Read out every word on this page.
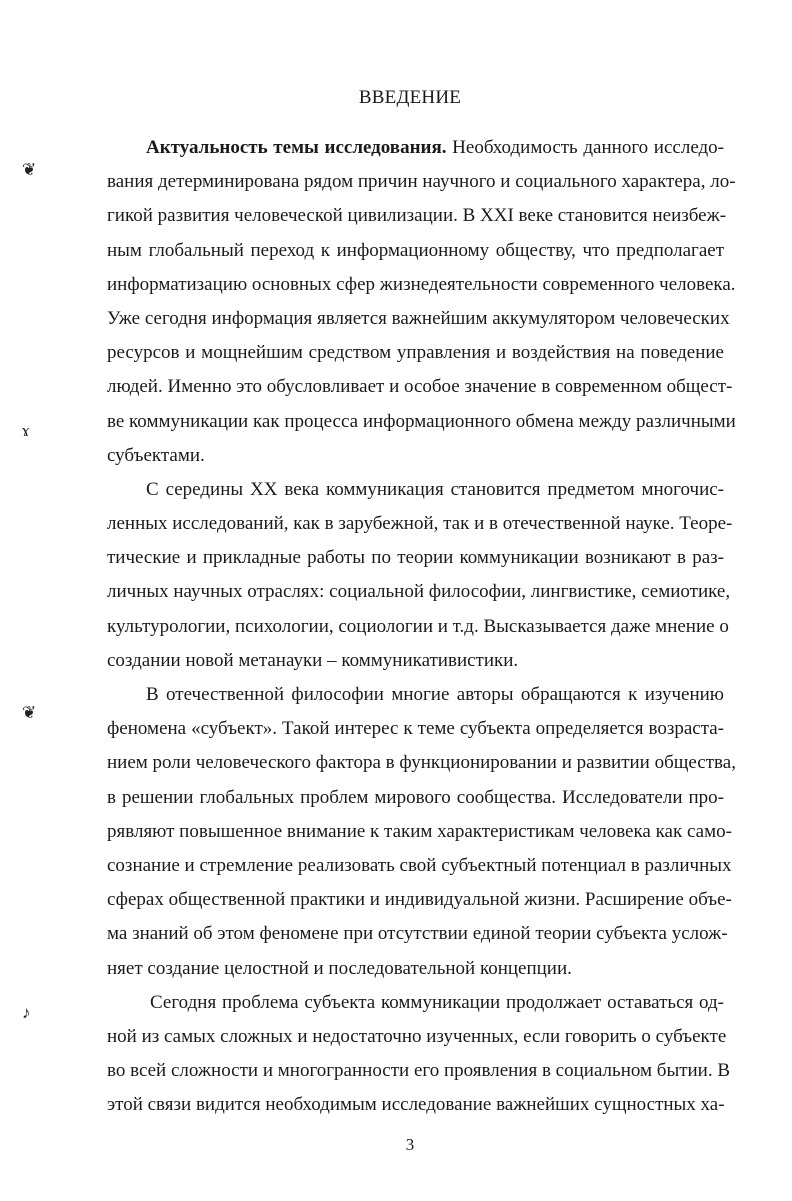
ВВЕДЕНИЕ
❦
ɤ
❦
♪
Актуальность темы исследования. Необходимость данного исследо-
вания детерминирована рядом причин научного и социального характера, ло-
гикой развития человеческой цивилизации. В XXI веке становится неизбеж-
ным глобальный переход к информационному обществу, что предполагает
информатизацию основных сфер жизнедеятельности современного человека.
Уже сегодня информация является важнейшим аккумулятором человеческих
ресурсов и мощнейшим средством управления и воздействия на поведение
людей. Именно это обусловливает и особое значение в современном общест-
ве коммуникации как процесса информационного обмена между различными
субъектами.
С середины XX века коммуникация становится предметом многочис-
ленных исследований, как в зарубежной, так и в отечественной науке. Теоре-
тические и прикладные работы по теории коммуникации возникают в раз-
личных научных отраслях: социальной философии, лингвистике, семиотике,
культурологии, психологии, социологии и т.д. Высказывается даже мнение о
создании новой метанауки – коммуникативистики.
В отечественной философии многие авторы обращаются к изучению
феномена «субъект». Такой интерес к теме субъекта определяется возраста-
нием роли человеческого фактора в функционировании и развитии общества,
в решении глобальных проблем мирового сообщества. Исследователи про-
рявляют повышенное внимание к таким характеристикам человека как само-
сознание и стремление реализовать свой субъектный потенциал в различных
сферах общественной практики и индивидуальной жизни. Расширение объе-
ма знаний об этом феномене при отсутствии единой теории субъекта услож-
няет создание целостной и последовательной концепции.
Сегодня проблема субъекта коммуникации продолжает оставаться од-
ной из самых сложных и недостаточно изученных, если говорить о субъекте
во всей сложности и многогранности его проявления в социальном бытии. В
этой связи видится необходимым исследование важнейших сущностных ха-
3
